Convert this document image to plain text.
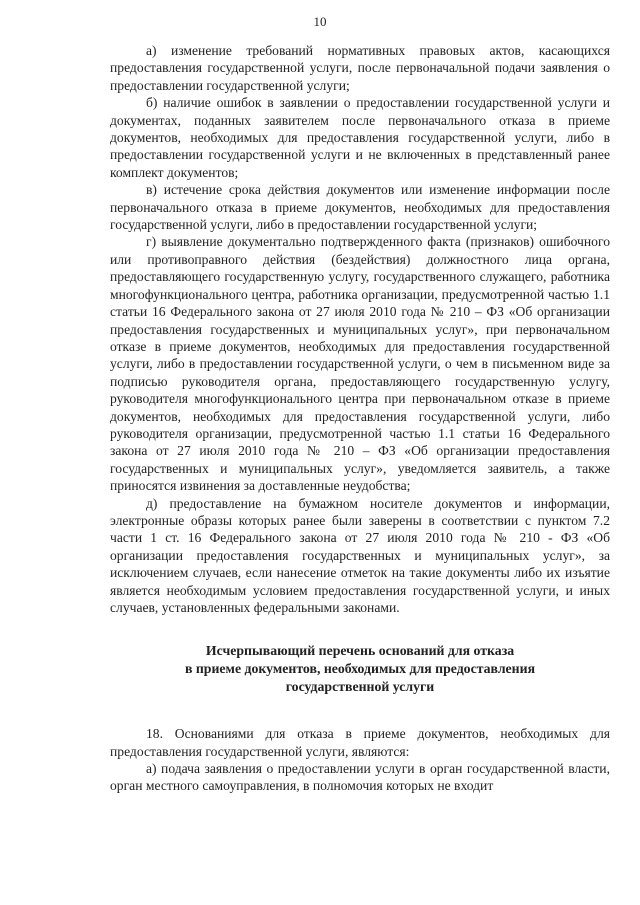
10

а) изменение требований нормативных правовых актов, касающихся предоставления государственной услуги, после первоначальной подачи заявления о предоставлении государственной услуги;

б) наличие ошибок в заявлении о предоставлении государственной услуги и документах, поданных заявителем после первоначального отказа в приеме документов, необходимых для предоставления государственной услуги, либо в предоставлении государственной услуги и не включенных в представленный ранее комплект документов;

в) истечение срока действия документов или изменение информации после первоначального отказа в приеме документов, необходимых для предоставления государственной услуги, либо в предоставлении государственной услуги;

г) выявление документально подтвержденного факта (признаков) ошибочного или противоправного действия (бездействия) должностного лица органа, предоставляющего государственную услугу, государственного служащего, работника многофункционального центра, работника организации, предусмотренной частью 1.1 статьи 16 Федерального закона от 27 июля 2010 года № 210 – ФЗ «Об организации предоставления государственных и муниципальных услуг», при первоначальном отказе в приеме документов, необходимых для предоставления государственной услуги, либо в предоставлении государственной услуги, о чем в письменном виде за подписью руководителя органа, предоставляющего государственную услугу, руководителя многофункционального центра при первоначальном отказе в приеме документов, необходимых для предоставления государственной услуги, либо руководителя организации, предусмотренной частью 1.1 статьи 16 Федерального закона от 27 июля 2010 года № 210 – ФЗ «Об организации предоставления государственных и муниципальных услуг», уведомляется заявитель, а также приносятся извинения за доставленные неудобства;

д) предоставление на бумажном носителе документов и информации, электронные образы которых ранее были заверены в соответствии с пунктом 7.2 части 1 ст. 16 Федерального закона от 27 июля 2010 года № 210 - ФЗ «Об организации предоставления государственных и муниципальных услуг», за исключением случаев, если нанесение отметок на такие документы либо их изъятие является необходимым условием предоставления государственной услуги, и иных случаев, установленных федеральными законами.

Исчерпывающий перечень оснований для отказа
в приеме документов, необходимых для предоставления
государственной услуги

18. Основаниями для отказа в приеме документов, необходимых для предоставления государственной услуги, являются:

а) подача заявления о предоставлении услуги в орган государственной власти, орган местного самоуправления, в полномочия которых не входит
